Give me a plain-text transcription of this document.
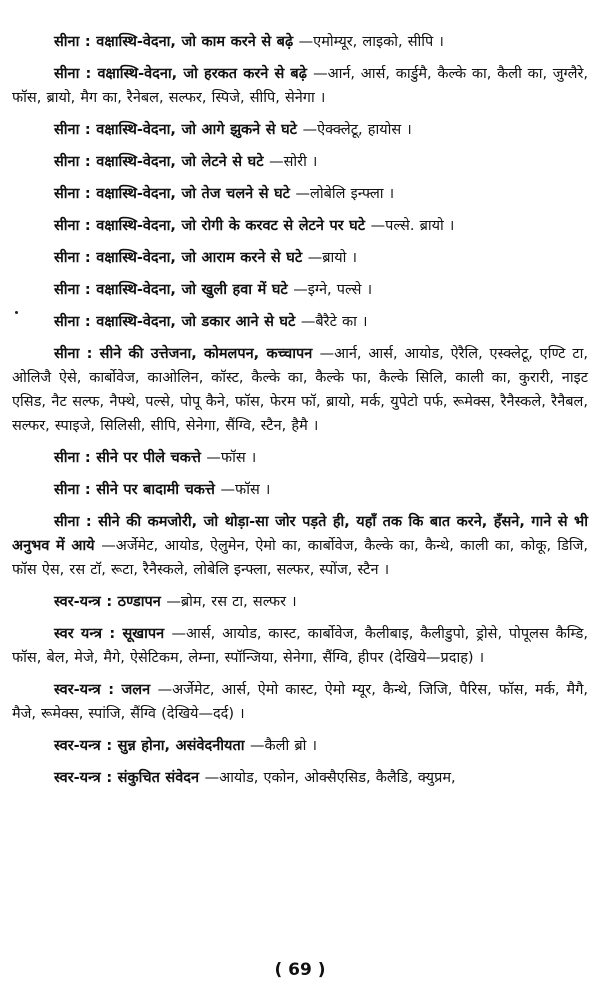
सीना : वक्षास्थि-वेदना, जो काम करने से बढ़े —एमोम्यूर, लाइको, सीपि ।

सीना : वक्षास्थि-वेदना, जो हरकत करने से बढ़े —आर्न, आर्स, कार्डुमै, कैल्के का, कैली का, जुग्लैरे, फॉस, ब्रायो, मैग का, रैनेबल, सल्फर, स्पिजे, सीपि, सेनेगा ।

सीना : वक्षास्थि-वेदना, जो आगे झुकने से घटे —ऐक्क्लेटू, हायोस ।

सीना : वक्षास्थि-वेदना, जो लेटने से घटे —सोरी ।

सीना : वक्षास्थि-वेदना, जो तेज चलने से घटे —लोबेलि इन्फ्ला ।

सीना : वक्षास्थि-वेदना, जो रोगी के करवट से लेटने पर घटे —पल्से. ब्रायो ।

सीना : वक्षास्थि-वेदना, जो आराम करने से घटे —ब्रायो ।

सीना : वक्षास्थि-वेदना, जो खुली हवा में घटे —इग्ने, पल्से ।

सीना : वक्षास्थि-वेदना, जो डकार आने से घटे —बैरैटे का ।

सीना : सीने की उत्तेजना, कोमलपन, कच्चापन —आर्न, आर्स, आयोड, ऐरैलि, एस्क्लेटू, एण्टि टा, ओलिजै ऐसे, कार्बोवेज, काओलिन, कॉस्ट, कैल्के का, कैल्के फा, कैल्के सिलि, काली का, कुरारी, नाइट एसिड, नैट सल्फ, नैफ्थे, पल्से, पोपू कैने, फॉस, फेरम फॉ, ब्रायो, मर्क, युपेटो पर्फ, रूमेक्स, रैनैस्कले, रैनैबल, सल्फर, स्पाइजे, सिलिसी, सीपि, सेनेगा, सैंग्वि, स्टैन, हैमै ।

सीना : सीने पर पीले चकत्ते —फॉस ।

सीना : सीने पर बादामी चकत्ते —फॉस ।

सीना : सीने की कमजोरी, जो थोड़ा-सा जोर पड़ते ही, यहाँ तक कि बात करने, हँसने, गाने से भी अनुभव में आये —अर्जेमेट, आयोड, ऐलुमेन, ऐमो का, कार्बोवेज, कैल्के का, कैन्थे, काली का, कोकू, डिजि, फॉस ऐस, रस टॉ, रूटा, रैनैस्कले, लोबेलि इन्फ्ला, सल्फर, स्पोंज, स्टैन ।

स्वर-यन्त्र : ठण्डापन —ब्रोम, रस टा, सल्फर ।

स्वर यन्त्र : सूखापन —आर्स, आयोड, कास्ट, कार्बोवेज, कैलीबाइ, कैलीडुपो, ड्रोसे, पोपूलस कैम्डि, फॉस, बेल, मेजे, मैगे, ऐसेटिकम, लेम्ना, स्पॉन्जिया, सेनेगा, सैंग्वि, हीपर (देखिये—प्रदाह) ।

स्वर-यन्त्र : जलन —अर्जेमेट, आर्स, ऐमो कास्ट, ऐमो म्यूर, कैन्थे, जिजि, पैरिस, फॉस, मर्क, मैगै, मैजे, रूमेक्स, स्पांजि, सैंग्वि (देखिये—दर्द) ।

स्वर-यन्त्र : सुन्न होना, असंवेदनीयता —कैली ब्रो ।

स्वर-यन्त्र : संकुचित संवेदन —आयोड, एकोन, ओक्सैएसिड, कैलैडि, क्युप्रम,

( 69 )
